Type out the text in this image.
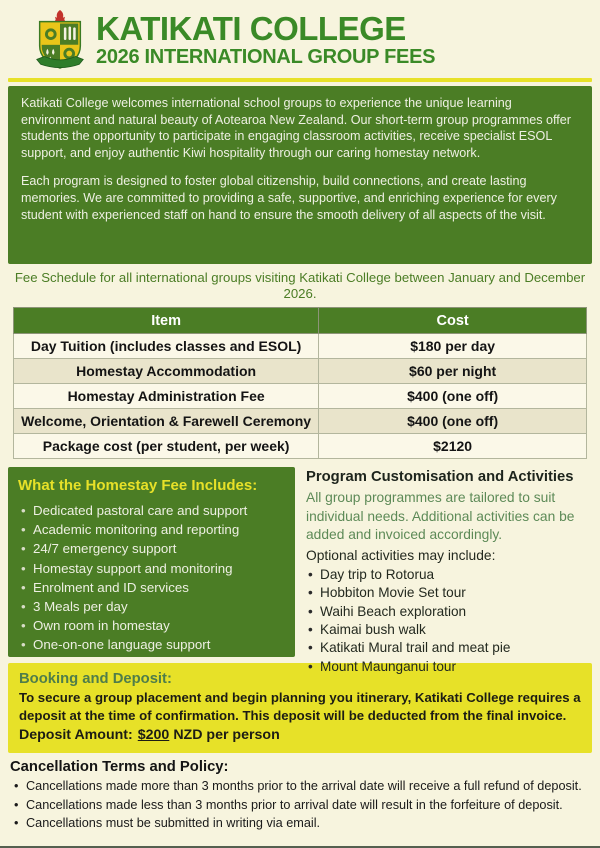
KATIKATI COLLEGE
2026 INTERNATIONAL GROUP FEES

Katikati College welcomes international school groups to experience the unique learning environment and natural beauty of Aotearoa New Zealand. Our short-term group programmes offer students the opportunity to participate in engaging classroom activities, receive specialist ESOL support, and enjoy authentic Kiwi hospitality through our caring homestay network.

Each program is designed to foster global citizenship, build connections, and create lasting memories. We are committed to providing a safe, supportive, and enriching experience for every student with experienced staff on hand to ensure the smooth delivery of all aspects of the visit.

Fee Schedule for all international groups visiting Katikati College between January and December 2026.
Item	Cost
Day Tuition (includes classes and ESOL)	$180 per day
Homestay Accommodation	$60 per night
Homestay Administration Fee	$400 (one off)
Welcome, Orientation & Farewell Ceremony	$400 (one off)
Package cost (per student, per week)	$2120
What the Homestay Fee Includes:
• Dedicated pastoral care and support
• Academic monitoring and reporting
• 24/7 emergency support
• Homestay support and monitoring
• Enrolment and ID services
• 3 Meals per day
• Own room in homestay
• One-on-one language support
Program Customisation and Activities

All group programmes are tailored to suit individual needs. Additional activities can be added and invoiced accordingly.

Optional activities may include:
• Day trip to Rotorua
• Hobbiton Movie Set tour
• Waihi Beach exploration
• Kaimai bush walk
• Katikati Mural trail and meat pie
• Mount Maunganui tour

Booking and Deposit:

To secure a group placement and begin planning you itinerary, Katikati College requires a deposit at the time of confirmation. This deposit will be deducted from the final invoice.

Deposit Amount: $200 NZD per person

Cancellation Terms and Policy:
• Cancellations made more than 3 months prior to the arrival date will receive a full refund of deposit.
• Cancellations made less than 3 months prior to arrival date will result in the forfeiture of deposit.
• Cancellations must be submitted in writing via email.
